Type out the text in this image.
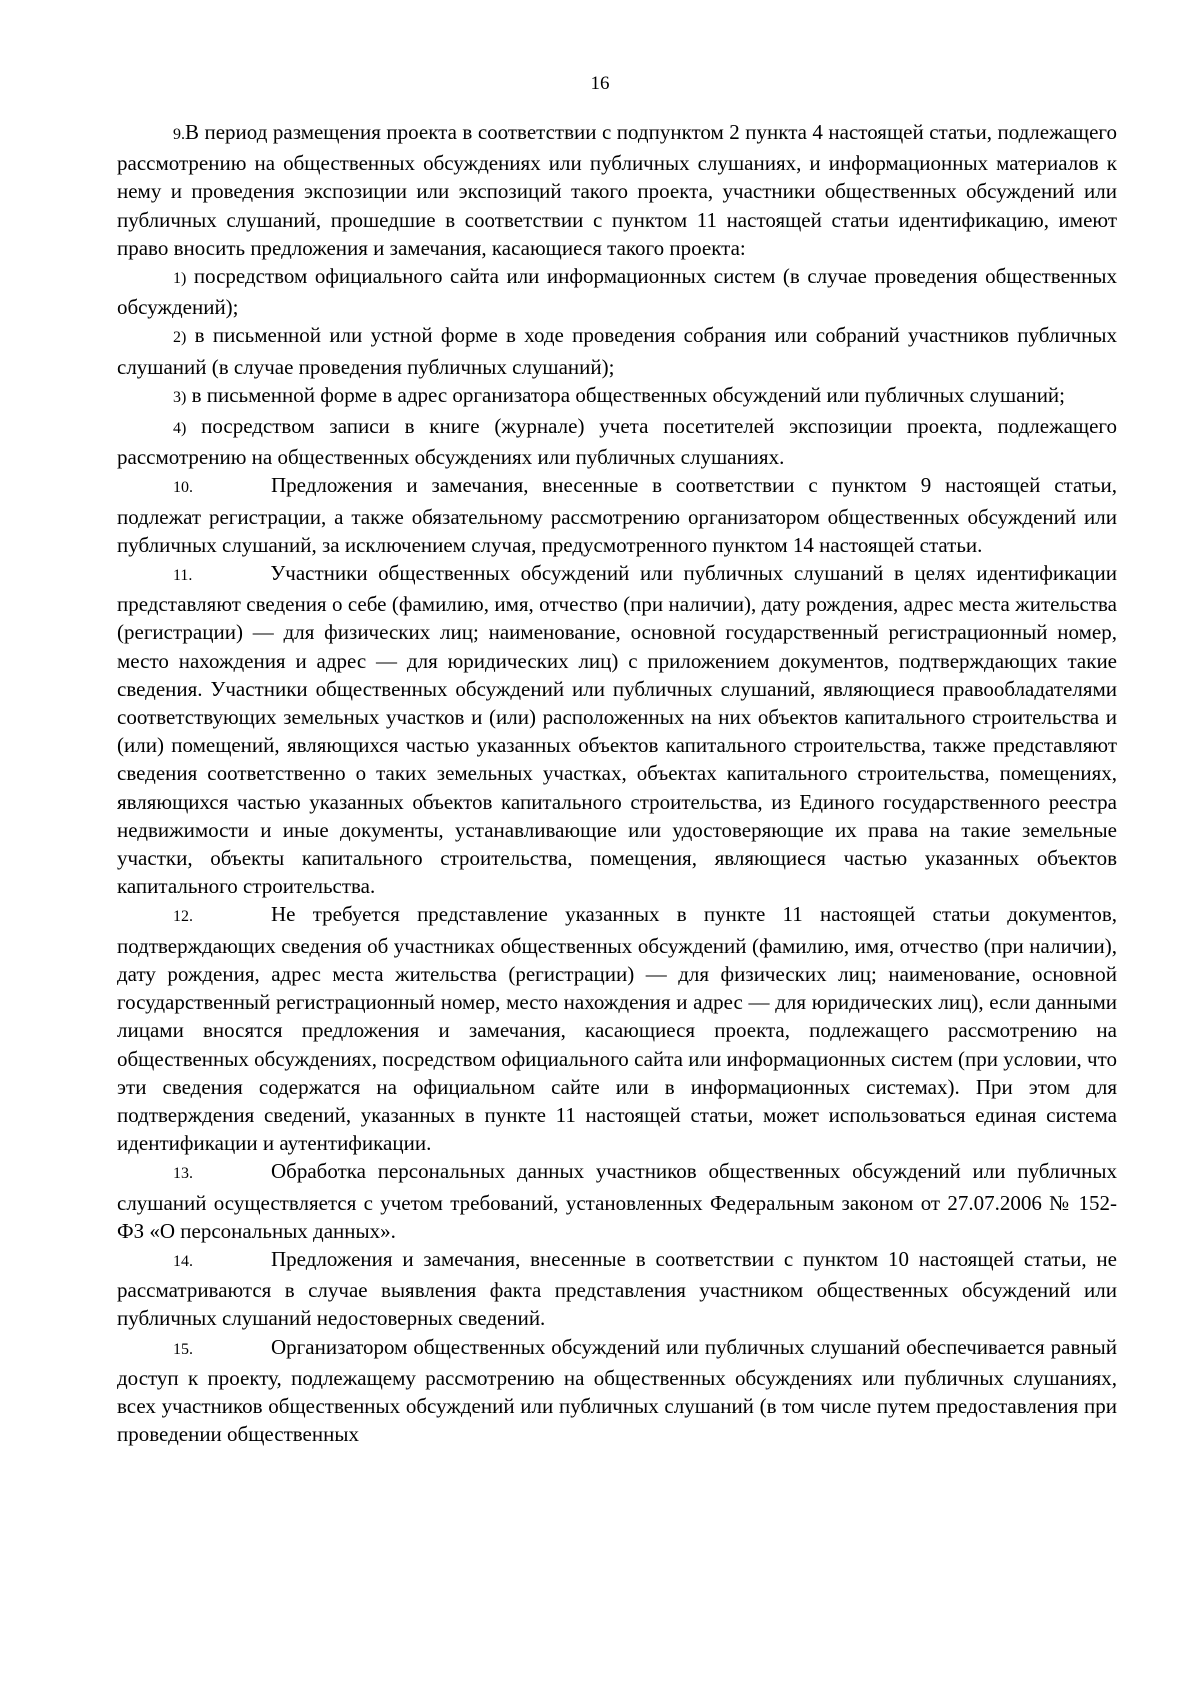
16

9.В период размещения проекта в соответствии с подпунктом 2 пункта 4 настоящей статьи, подлежащего рассмотрению на общественных обсуждениях или публичных слушаниях, и информационных материалов к нему и проведения экспозиции или экспозиций такого проекта, участники общественных обсуждений или публичных слушаний, прошедшие в соответствии с пунктом 11 настоящей статьи идентификацию, имеют право вносить предложения и замечания, касающиеся такого проекта:

1) посредством официального сайта или информационных систем (в случае проведения общественных обсуждений);

2) в письменной или устной форме в ходе проведения собрания или собраний участников публичных слушаний (в случае проведения публичных слушаний);

3) в письменной форме в адрес организатора общественных обсуждений или публичных слушаний;

4) посредством записи в книге (журнале) учета посетителей экспозиции проекта, подлежащего рассмотрению на общественных обсуждениях или публичных слушаниях.

10.	Предложения и замечания, внесенные в соответствии с пунктом 9 настоящей статьи, подлежат регистрации, а также обязательному рассмотрению организатором общественных обсуждений или публичных слушаний, за исключением случая, предусмотренного пунктом 14 настоящей статьи.

11.	Участники общественных обсуждений или публичных слушаний в целях идентификации представляют сведения о себе (фамилию, имя, отчество (при наличии), дату рождения, адрес места жительства (регистрации) — для физических лиц; наименование, основной государственный регистрационный номер, место нахождения и адрес — для юридических лиц) с приложением документов, подтверждающих такие сведения. Участники общественных обсуждений или публичных слушаний, являющиеся правообладателями соответствующих земельных участков и (или) расположенных на них объектов капитального строительства и (или) помещений, являющихся частью указанных объектов капитального строительства, также представляют сведения соответственно о таких земельных участках, объектах капитального строительства, помещениях, являющихся частью указанных объектов капитального строительства, из Единого государственного реестра недвижимости и иные документы, устанавливающие или удостоверяющие их права на такие земельные участки, объекты капитального строительства, помещения, являющиеся частью указанных объектов капитального строительства.

12.	Не требуется представление указанных в пункте 11 настоящей статьи документов, подтверждающих сведения об участниках общественных обсуждений (фамилию, имя, отчество (при наличии), дату рождения, адрес места жительства (регистрации) — для физических лиц; наименование, основной государственный регистрационный номер, место нахождения и адрес — для юридических лиц), если данными лицами вносятся предложения и замечания, касающиеся проекта, подлежащего рассмотрению на общественных обсуждениях, посредством официального сайта или информационных систем (при условии, что эти сведения содержатся на официальном сайте или в информационных системах). При этом для подтверждения сведений, указанных в пункте 11 настоящей статьи, может использоваться единая система идентификации и аутентификации.

13.	Обработка персональных данных участников общественных обсуждений или публичных слушаний осуществляется с учетом требований, установленных Федеральным законом от 27.07.2006 № 152-ФЗ «О персональных данных».

14.	Предложения и замечания, внесенные в соответствии с пунктом 10 настоящей статьи, не рассматриваются в случае выявления факта представления участником общественных обсуждений или публичных слушаний недостоверных сведений.

15.	Организатором общественных обсуждений или публичных слушаний обеспечивается равный доступ к проекту, подлежащему рассмотрению на общественных обсуждениях или публичных слушаниях, всех участников общественных обсуждений или публичных слушаний (в том числе путем предоставления при проведении общественных
